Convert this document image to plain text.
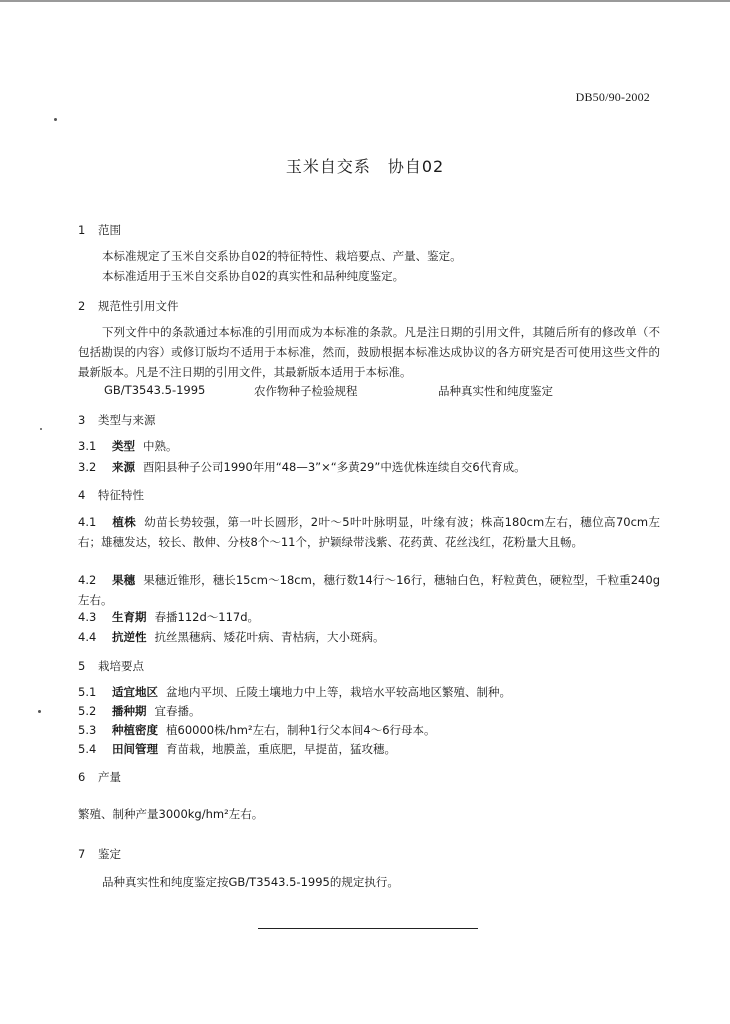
DB50/90-2002
玉米自交系　协自02
1 范围
本标准规定了玉米自交系协自02的特征特性、栽培要点、产量、鉴定。
本标准适用于玉米自交系协自02的真实性和品种纯度鉴定。
2 规范性引用文件
下列文件中的条款通过本标准的引用而成为本标准的条款。凡是注日期的引用文件，其随后所有的修改单（不包括勘误的内容）或修订版均不适用于本标准，然而，鼓励根据本标准达成协议的各方研究是否可使用这些文件的最新版本。凡是不注日期的引用文件，其最新版本适用于本标准。
GB/T3543.5-1995	农作物种子检验规程	品种真实性和纯度鉴定
3 类型与来源
3.1 类型 中熟。
3.2 来源 酉阳县种子公司1990年用“48—3”×“多黄29”中选优株连续自交6代育成。
4 特征特性
4.1 植株 幼苗长势较强，第一叶长圆形，2叶～5叶叶脉明显，叶缘有波；株高180cm左右，穗位高70cm左右；雄穗发达，较长、散伸、分枝8个～11个，护颖绿带浅紫、花药黄、花丝浅红，花粉量大且畅。
4.2 果穗 果穗近锥形，穗长15cm～18cm，穗行数14行～16行，穗轴白色，籽粒黄色，硬粒型，千粒重240g左右。
4.3 生育期 春播112d～117d。
4.4 抗逆性 抗丝黑穗病、矮花叶病、青枯病，大小斑病。
5 栽培要点
5.1 适宜地区 盆地内平坝、丘陵土壤地力中上等，栽培水平较高地区繁殖、制种。
5.2 播种期 宜春播。
5.3 种植密度 植60000株/hm²左右，制种1行父本间4～6行母本。
5.4 田间管理 育苗栽，地膜盖，重底肥，早提苗，猛攻穗。
6 产量
繁殖、制种产量3000kg/hm²左右。
7 鉴定
品种真实性和纯度鉴定按GB/T3543.5-1995的规定执行。
